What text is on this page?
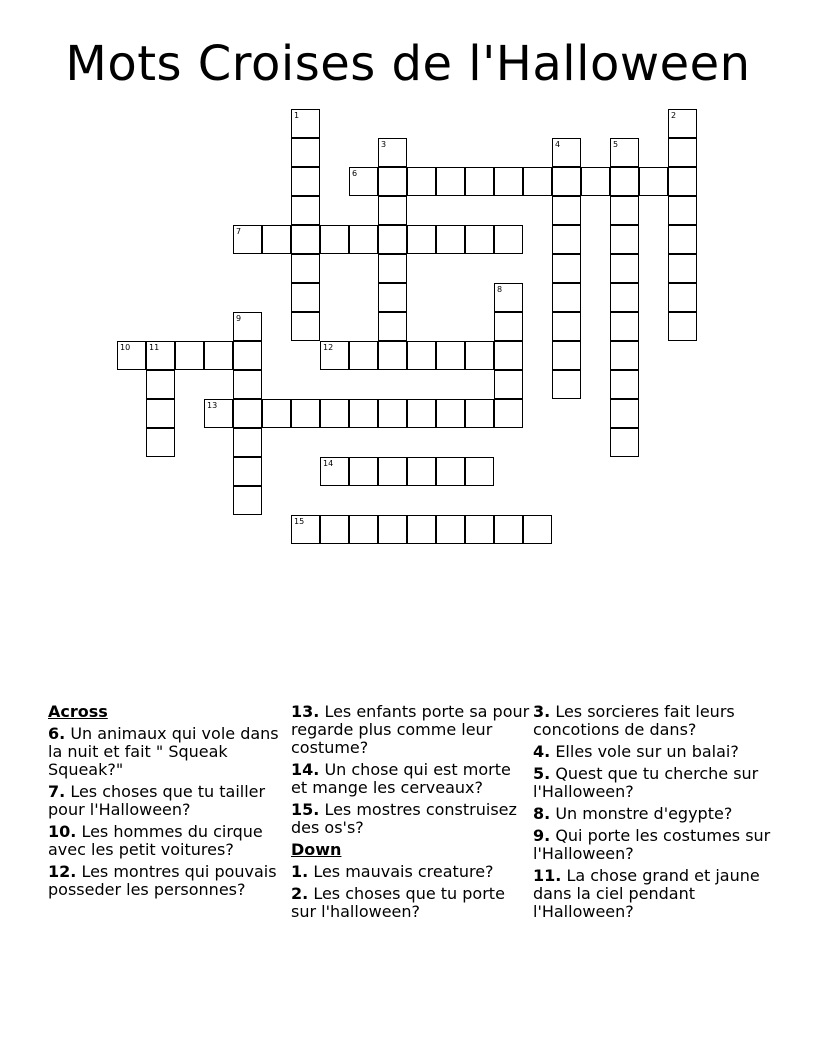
Mots Croises de l'Halloween
6
7
10 11	12
13
14
15
1	2
3	4	5
8
9
Across
6. Un animaux qui vole dans la nuit et fait " Squeak Squeak?"
7. Les choses que tu tailler pour l'Halloween?
10. Les hommes du cirque avec les petit voitures?
12. Les montres qui pouvais posseder les personnes?
13. Les enfants porte sa pour regarde plus comme leur costume?
14. Un chose qui est morte et mange les cerveaux?
15. Les mostres construisez des os's?
Down
1. Les mauvais creature?
2. Les choses que tu porte sur l'halloween?
3. Les sorcieres fait leurs concotions de dans?
4. Elles vole sur un balai?
5. Quest que tu cherche sur l'Halloween?
8. Un monstre d'egypte?
9. Qui porte les costumes sur l'Halloween?
11. La chose grand et jaune dans la ciel pendant l'Halloween?
